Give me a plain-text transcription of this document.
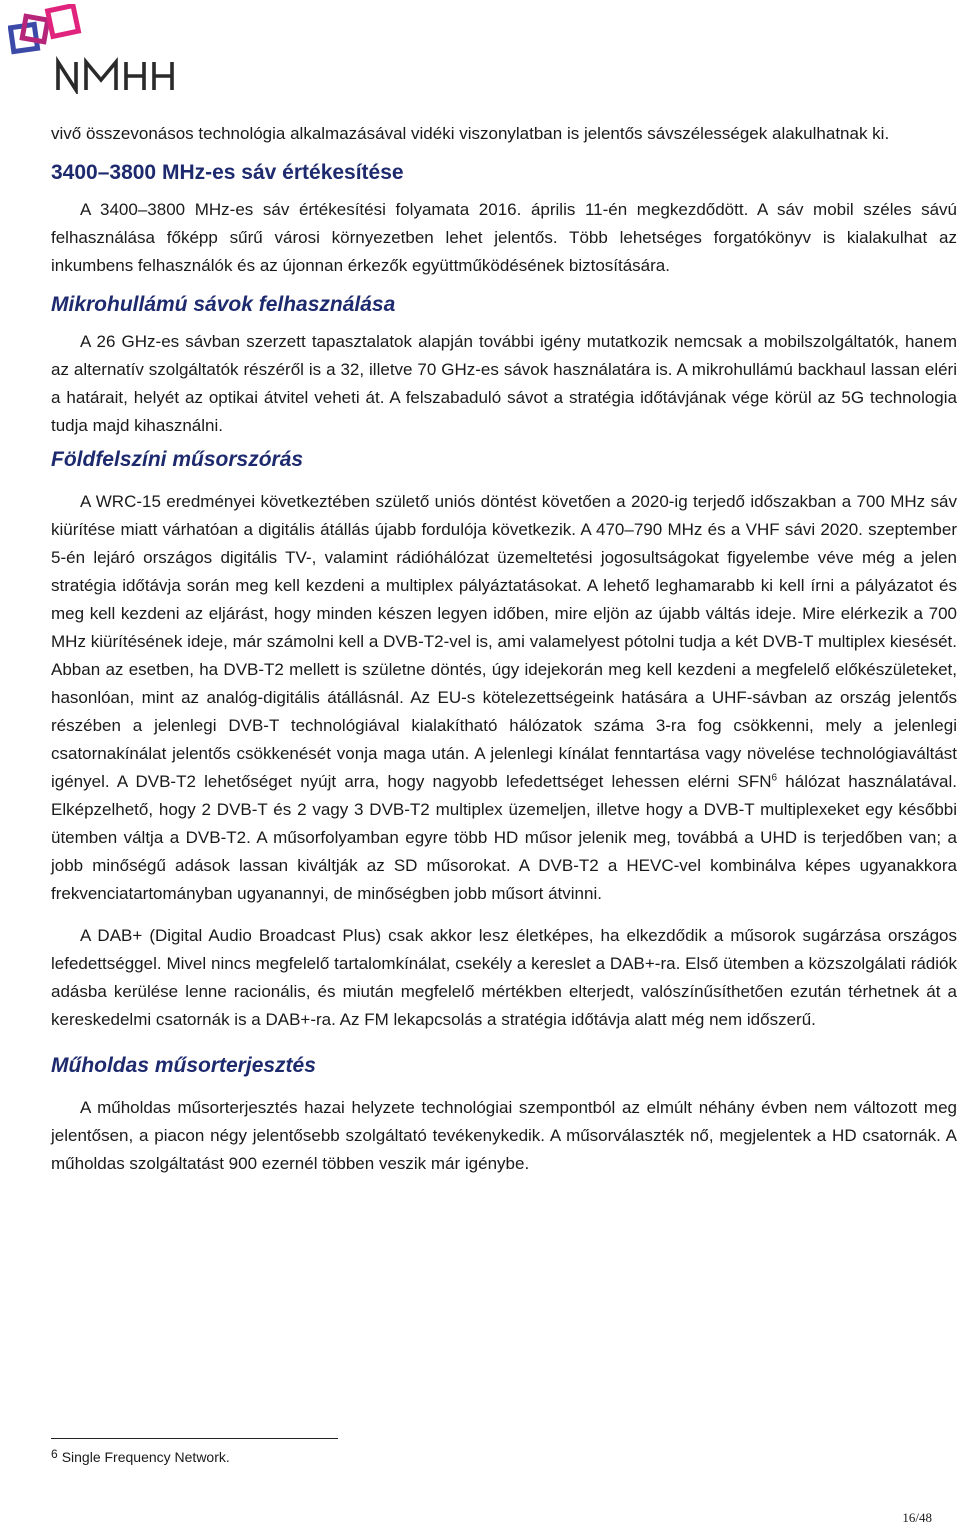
vivő összevonásos technológia alkalmazásával vidéki viszonylatban is jelentős sávszélességek alakulhatnak ki.

3400–3800 MHz-es sáv értékesítése

A 3400–3800 MHz-es sáv értékesítési folyamata 2016. április 11-én megkezdődött. A sáv mobil széles sávú felhasználása főképp sűrű városi környezetben lehet jelentős. Több lehetséges forgatókönyv is kialakulhat az inkumbens felhasználók és az újonnan érkezők együttműködésének biztosítására.

Mikrohullámú sávok felhasználása

A 26 GHz-es sávban szerzett tapasztalatok alapján további igény mutatkozik nemcsak a mobilszolgáltatók, hanem az alternatív szolgáltatók részéről is a 32, illetve 70 GHz-es sávok használatára is. A mikrohullámú backhaul lassan eléri a határait, helyét az optikai átvitel veheti át. A felszabaduló sávot a stratégia időtávjának vége körül az 5G technologia tudja majd kihasználni.

Földfelszíni műsorszórás

A WRC-15 eredményei következtében születő uniós döntést követően a 2020-ig terjedő időszakban a 700 MHz sáv kiürítése miatt várhatóan a digitális átállás újabb fordulója következik. A 470–790 MHz és a VHF sávi 2020. szeptember 5-én lejáró országos digitális TV-, valamint rádióhálózat üzemeltetési jogosultságokat figyelembe véve még a jelen stratégia időtávja során meg kell kezdeni a multiplex pályáztatásokat. A lehető leghamarabb ki kell írni a pályázatot és meg kell kezdeni az eljárást, hogy minden készen legyen időben, mire eljön az újabb váltás ideje. Mire elérkezik a 700 MHz kiürítésének ideje, már számolni kell a DVB-T2-vel is, ami valamelyest pótolni tudja a két DVB-T multiplex kiesését. Abban az esetben, ha DVB-T2 mellett is születne döntés, úgy idejekorán meg kell kezdeni a megfelelő előkészületeket, hasonlóan, mint az analóg-digitális átállásnál. Az EU-s kötelezettségeink hatására a UHF-sávban az ország jelentős részében a jelenlegi DVB-T technológiával kialakítható hálózatok száma 3-ra fog csökkenni, mely a jelenlegi csatornakínálat jelentős csökkenését vonja maga után. A jelenlegi kínálat fenntartása vagy növelése technológiaváltást igényel. A DVB-T2 lehetőséget nyújt arra, hogy nagyobb lefedettséget lehessen elérni SFN$^6$ hálózat használatával. Elképzelhető, hogy 2 DVB-T és 2 vagy 3 DVB-T2 multiplex üzemeljen, illetve hogy a DVB-T multiplexeket egy későbbi ütemben váltja a DVB-T2. A műsorfolyamban egyre több HD műsor jelenik meg, továbbá a UHD is terjedőben van; a jobb minőségű adások lassan kiváltják az SD műsorokat. A DVB-T2 a HEVC-vel kombinálva képes ugyanakkora frekvenciatartományban ugyanannyi, de minőségben jobb műsort átvinni.

A DAB+ (Digital Audio Broadcast Plus) csak akkor lesz életképes, ha elkezdődik a műsorok sugárzása országos lefedettséggel. Mivel nincs megfelelő tartalomkínálat, csekély a kereslet a DAB+-ra. Első ütemben a közszolgálati rádiók adásba kerülése lenne racionális, és miután megfelelő mértékben elterjedt, valószínűsíthetően ezután térhetnek át a kereskedelmi csatornák is a DAB+-ra. Az FM lekapcsolás a stratégia időtávja alatt még nem időszerű.

Műholdas műsorterjesztés

A műholdas műsorterjesztés hazai helyzete technológiai szempontból az elmúlt néhány évben nem változott meg jelentősen, a piacon négy jelentősebb szolgáltató tevékenykedik. A műsorválaszték nő, megjelentek a HD csatornák. A műholdas szolgáltatást 900 ezernél többen veszik már igénybe.

$^6$ Single Frequency Network.
16/48
